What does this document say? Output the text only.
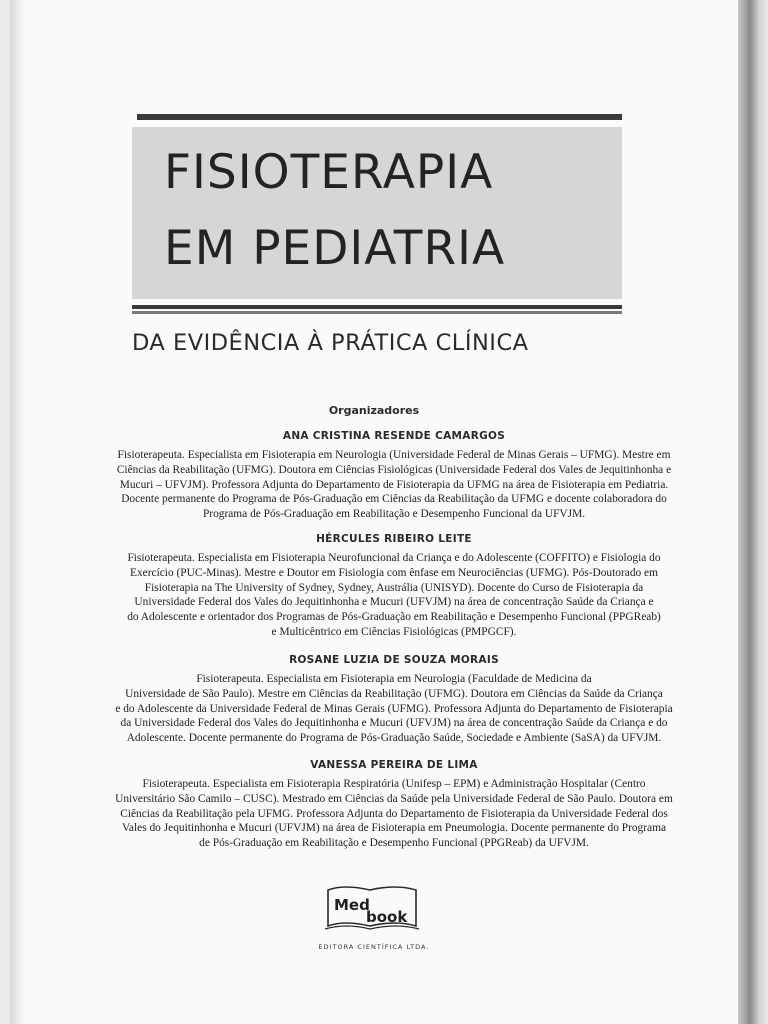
FISIOTERAPIA
EM PEDIATRIA
DA EVIDÊNCIA À PRÁTICA CLÍNICA
Organizadores
ANA CRISTINA RESENDE CAMARGOS

Fisioterapeuta. Especialista em Fisioterapia em Neurologia (Universidade Federal de Minas Gerais – UFMG). Mestre em
Ciências da Reabilitação (UFMG). Doutora em Ciências Fisiológicas (Universidade Federal dos Vales de Jequitinhonha e
Mucuri – UFVJM). Professora Adjunta do Departamento de Fisioterapia da UFMG na área de Fisioterapia em Pediatria.
Docente permanente do Programa de Pós-Graduação em Ciências da Reabilitação da UFMG e docente colaboradora do
Programa de Pós-Graduação em Reabilitação e Desempenho Funcional da UFVJM.

HÉRCULES RIBEIRO LEITE

Fisioterapeuta. Especialista em Fisioterapia Neurofuncional da Criança e do Adolescente (COFFITO) e Fisiologia do
Exercício (PUC-Minas). Mestre e Doutor em Fisiologia com ênfase em Neurociências (UFMG). Pós-Doutorado em
Fisioterapia na The University of Sydney, Sydney, Austrália (UNISYD). Docente do Curso de Fisioterapia da
Universidade Federal dos Vales do Jequitinhonha e Mucuri (UFVJM) na área de concentração Saúde da Criança e
do Adolescente e orientador dos Programas de Pós-Graduação em Reabilitação e Desempenho Funcional (PPGReab)
e Multicêntrico em Ciências Fisiológicas (PMPGCF).

ROSANE LUZIA DE SOUZA MORAIS

Fisioterapeuta. Especialista em Fisioterapia em Neurologia (Faculdade de Medicina da
Universidade de São Paulo). Mestre em Ciências da Reabilitação (UFMG). Doutora em Ciências da Saúde da Criança
e do Adolescente da Universidade Federal de Minas Gerais (UFMG). Professora Adjunta do Departamento de Fisioterapia
da Universidade Federal dos Vales do Jequitinhonha e Mucuri (UFVJM) na área de concentração Saúde da Criança e do
Adolescente. Docente permanente do Programa de Pós-Graduação Saúde, Sociedade e Ambiente (SaSA) da UFVJM.

VANESSA PEREIRA DE LIMA

Fisioterapeuta. Especialista em Fisioterapia Respiratória (Unifesp – EPM) e Administração Hospitalar (Centro
Universitário São Camilo – CUSC). Mestrado em Ciências da Saúde pela Universidade Federal de São Paulo. Doutora em
Ciências da Reabilitação pela UFMG. Professora Adjunta do Departamento de Fisioterapia da Universidade Federal dos
Vales do Jequitinhonha e Mucuri (UFVJM) na área de Fisioterapia em Pneumologia. Docente permanente do Programa
de Pós-Graduação em Reabilitação e Desempenho Funcional (PPGReab) da UFVJM.

Med
book
EDITORA CIENTÍFICA LTDA.
